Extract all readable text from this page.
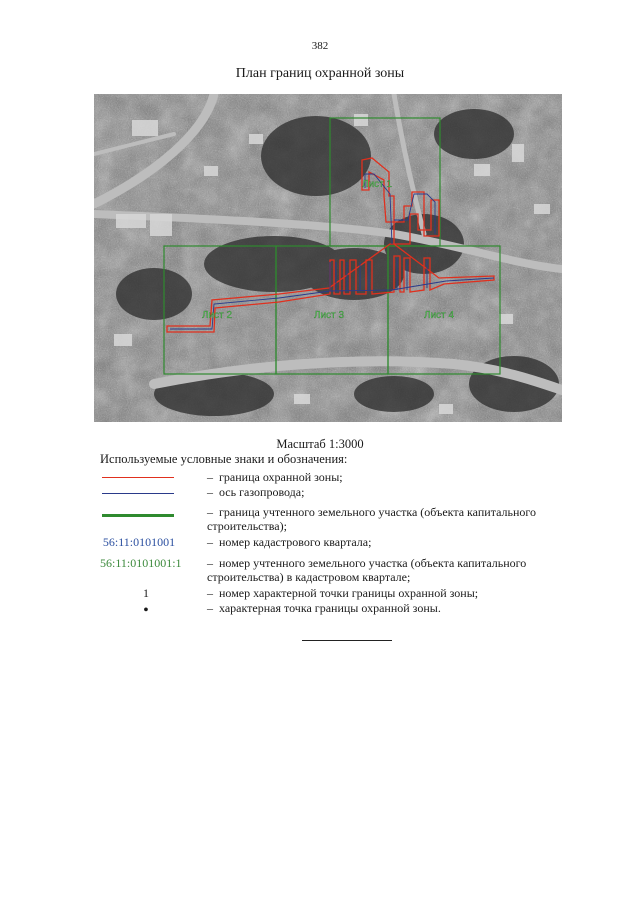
382
План границ охранной зоны
Лист 1
Лист 2	Лист 3	Лист 4
Масштаб 1:3000
Используемые условные знаки и обозначения:
– граница охранной зоны;
– ось газопровода;
– граница учтенного земельного участка (объекта капитального строительства);
56:11:0101001	– номер кадастрового квартала;
56:11:0101001:1 – номер учтенного земельного участка (объекта капитального строительства) в кадастровом квартале;
1	– номер характерной точки границы охранной зоны;
•	– характерная точка границы охранной зоны.
